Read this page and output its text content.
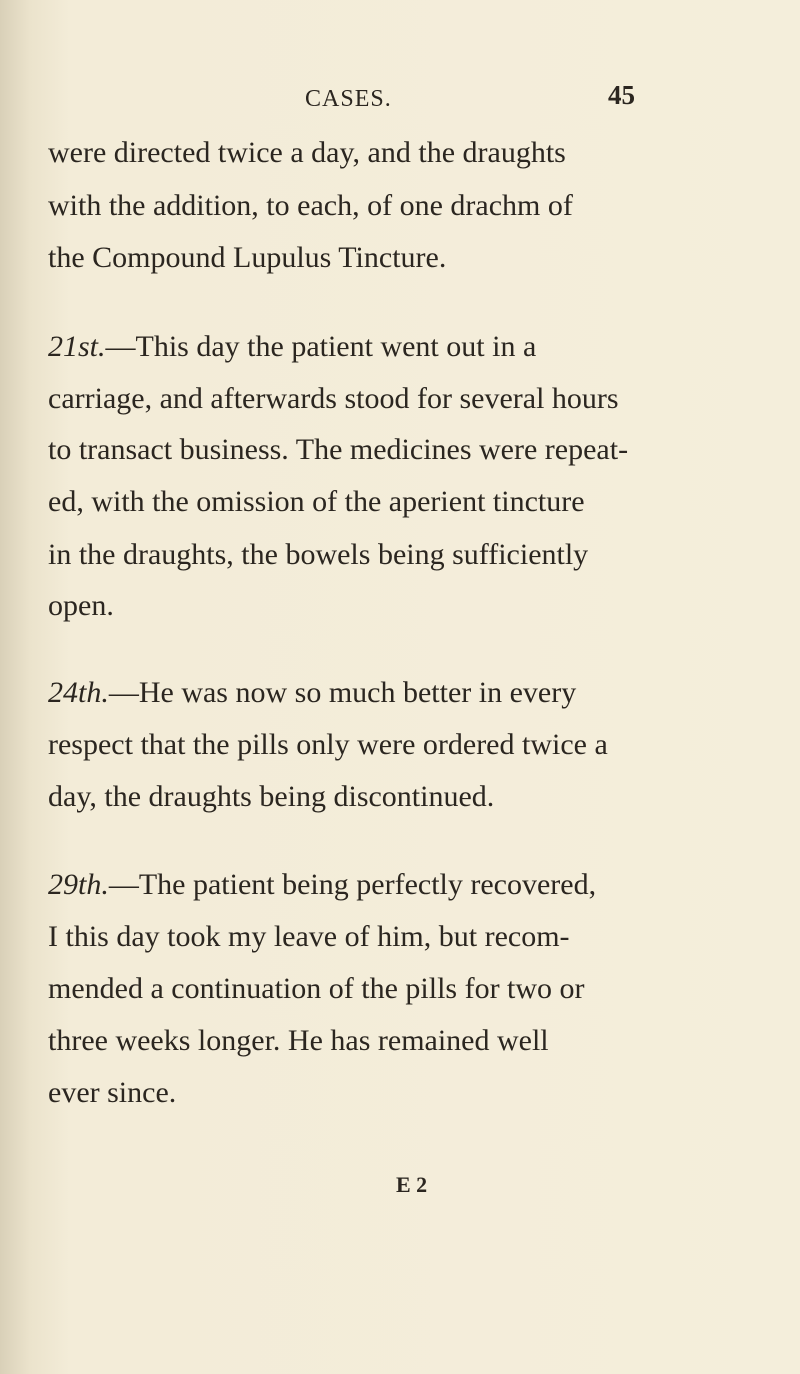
CASES.	45
were directed twice a day, and the draughts
with the addition, to each, of one drachm of
the Compound Lupulus Tincture.
21st.—This day the patient went out in a
carriage, and afterwards stood for several hours
to transact business. The medicines were repeat-
ed, with the omission of the aperient tincture
in the draughts, the bowels being sufficiently
open.
24th.—He was now so much better in every
respect that the pills only were ordered twice a
day, the draughts being discontinued.
29th.—The patient being perfectly recovered,
I this day took my leave of him, but recom-
mended a continuation of the pills for two or
three weeks longer. He has remained well
ever since.
E 2
